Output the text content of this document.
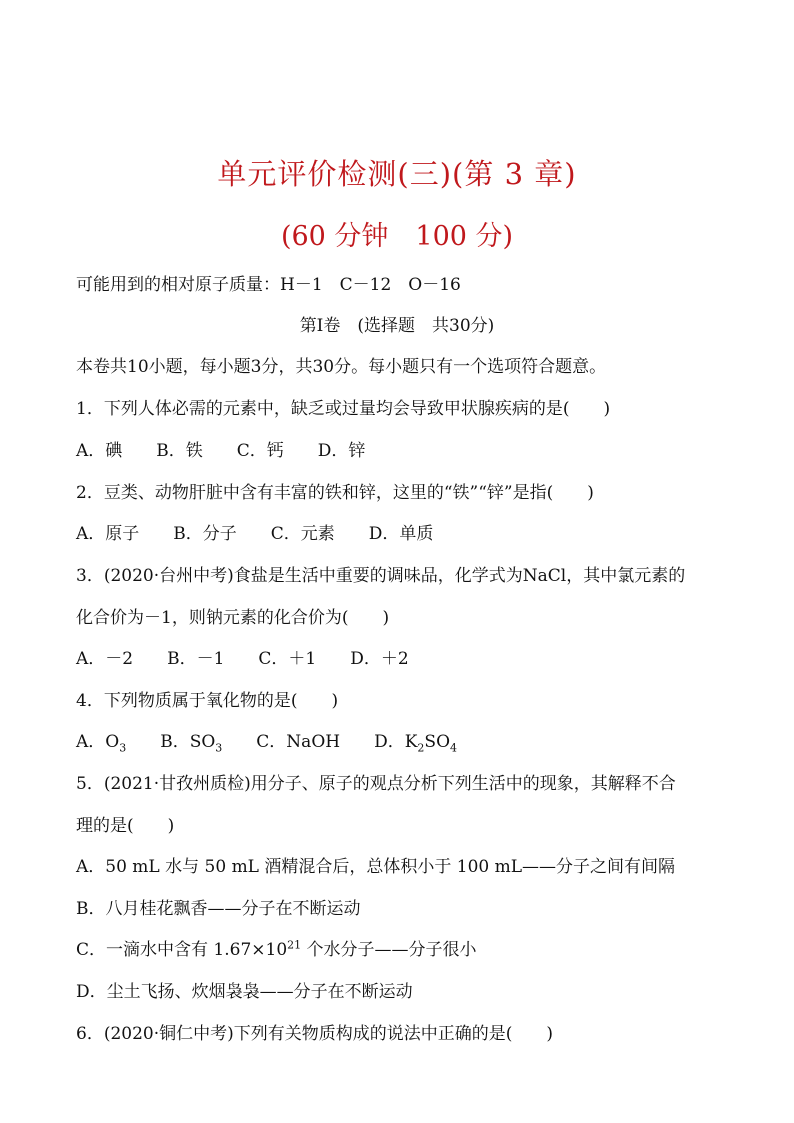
单元评价检测(三)(第 3 章)
(60 分钟　100 分)
可能用到的相对原子质量：H－1　C－12　O－16
第Ⅰ卷　(选择题　共30分)
本卷共10小题，每小题3分，共30分。每小题只有一个选项符合题意。
1．下列人体必需的元素中，缺乏或过量均会导致甲状腺疾病的是(　　)
A．碘　　B．铁　　C．钙　　D．锌
2．豆类、动物肝脏中含有丰富的铁和锌，这里的“铁”“锌”是指(　　)
A．原子　　B．分子　　C．元素　　D．单质
3．(2020·台州中考)食盐是生活中重要的调味品，化学式为NaCl，其中氯元素的
化合价为－1，则钠元素的化合价为(　　)
A．－2　　B．－1　　C．＋1　　D．＋2
4．下列物质属于氧化物的是(　　)
A．$O_3$　　B．$SO_3$　　C．NaOH　　D．$K_2SO_4$
5．(2021·甘孜州质检)用分子、原子的观点分析下列生活中的现象，其解释不合
理的是(　　)
A．50 mL 水与 50 mL 酒精混合后，总体积小于 100 mL——分子之间有间隔
B．八月桂花飘香——分子在不断运动
C．一滴水中含有 $1.67\times 10^{21}$ 个水分子——分子很小
D．尘土飞扬、炊烟袅袅——分子在不断运动
6．(2020·铜仁中考)下列有关物质构成的说法中正确的是(　　)
